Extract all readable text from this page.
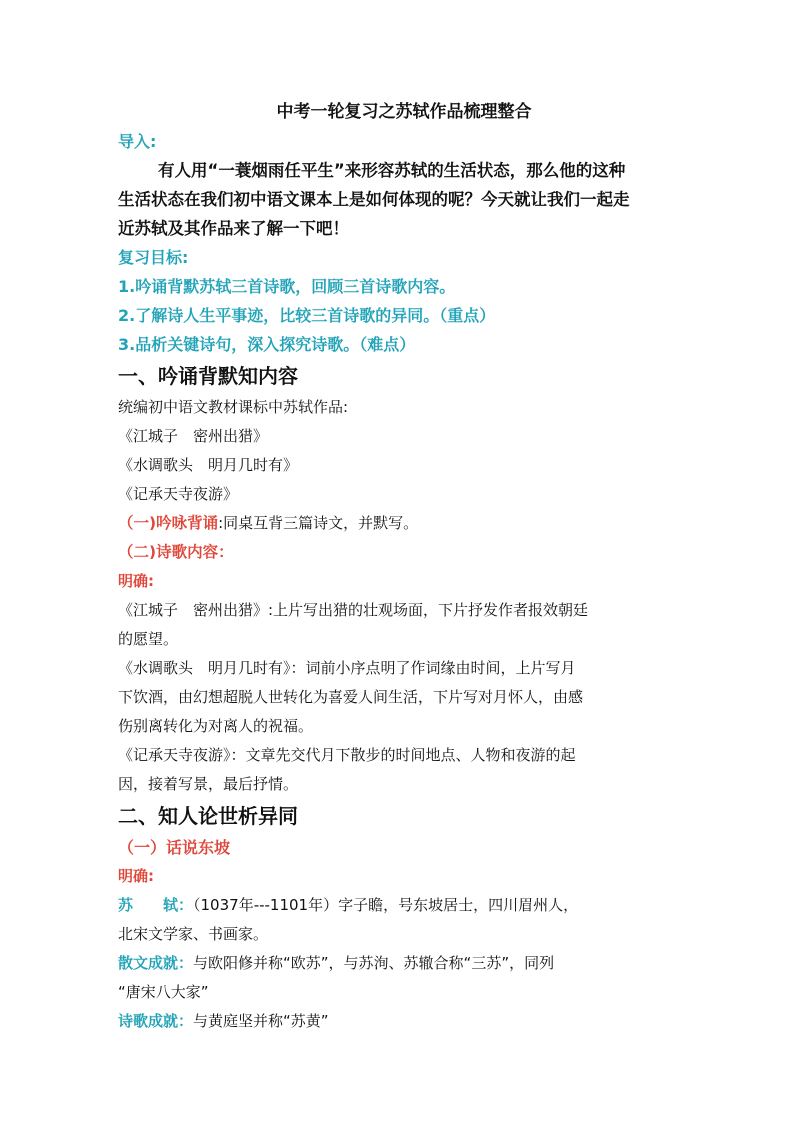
中考一轮复习之苏轼作品梳理整合
导入:
有人用“一蓑烟雨任平生”来形容苏轼的生活状态，那么他的这种
生活状态在我们初中语文课本上是如何体现的呢？今天就让我们一起走
近苏轼及其作品来了解一下吧！
复习目标:
1.吟诵背默苏轼三首诗歌，回顾三首诗歌内容。
2.了解诗人生平事迹，比较三首诗歌的异同。（重点）
3.品析关键诗句，深入探究诗歌。（难点）
一、吟诵背默知内容
统编初中语文教材课标中苏轼作品:
《江城子　密州出猎》
《水调歌头　明月几时有》
《记承天寺夜游》
（一)吟咏背诵:同桌互背三篇诗文，并默写。
（二)诗歌内容：
明确:
《江城子　密州出猎》:上片写出猎的壮观场面，下片抒发作者报效朝廷
的愿望。
《水调歌头　明月几时有》：词前小序点明了作词缘由时间，上片写月
下饮酒，由幻想超脱人世转化为喜爱人间生活，下片写对月怀人，由感
伤别离转化为对离人的祝福。
《记承天寺夜游》：文章先交代月下散步的时间地点、人物和夜游的起
因，接着写景，最后抒情。
二、知人论世析异同
（一）话说东坡
明确:
苏　　轼：（1037年---1101年）字子瞻，号东坡居士，四川眉州人，
北宋文学家、书画家。
散文成就：与欧阳修并称“欧苏”，与苏洵、苏辙合称“三苏”，同列
“唐宋八大家”
诗歌成就：与黄庭坚并称“苏黄”
